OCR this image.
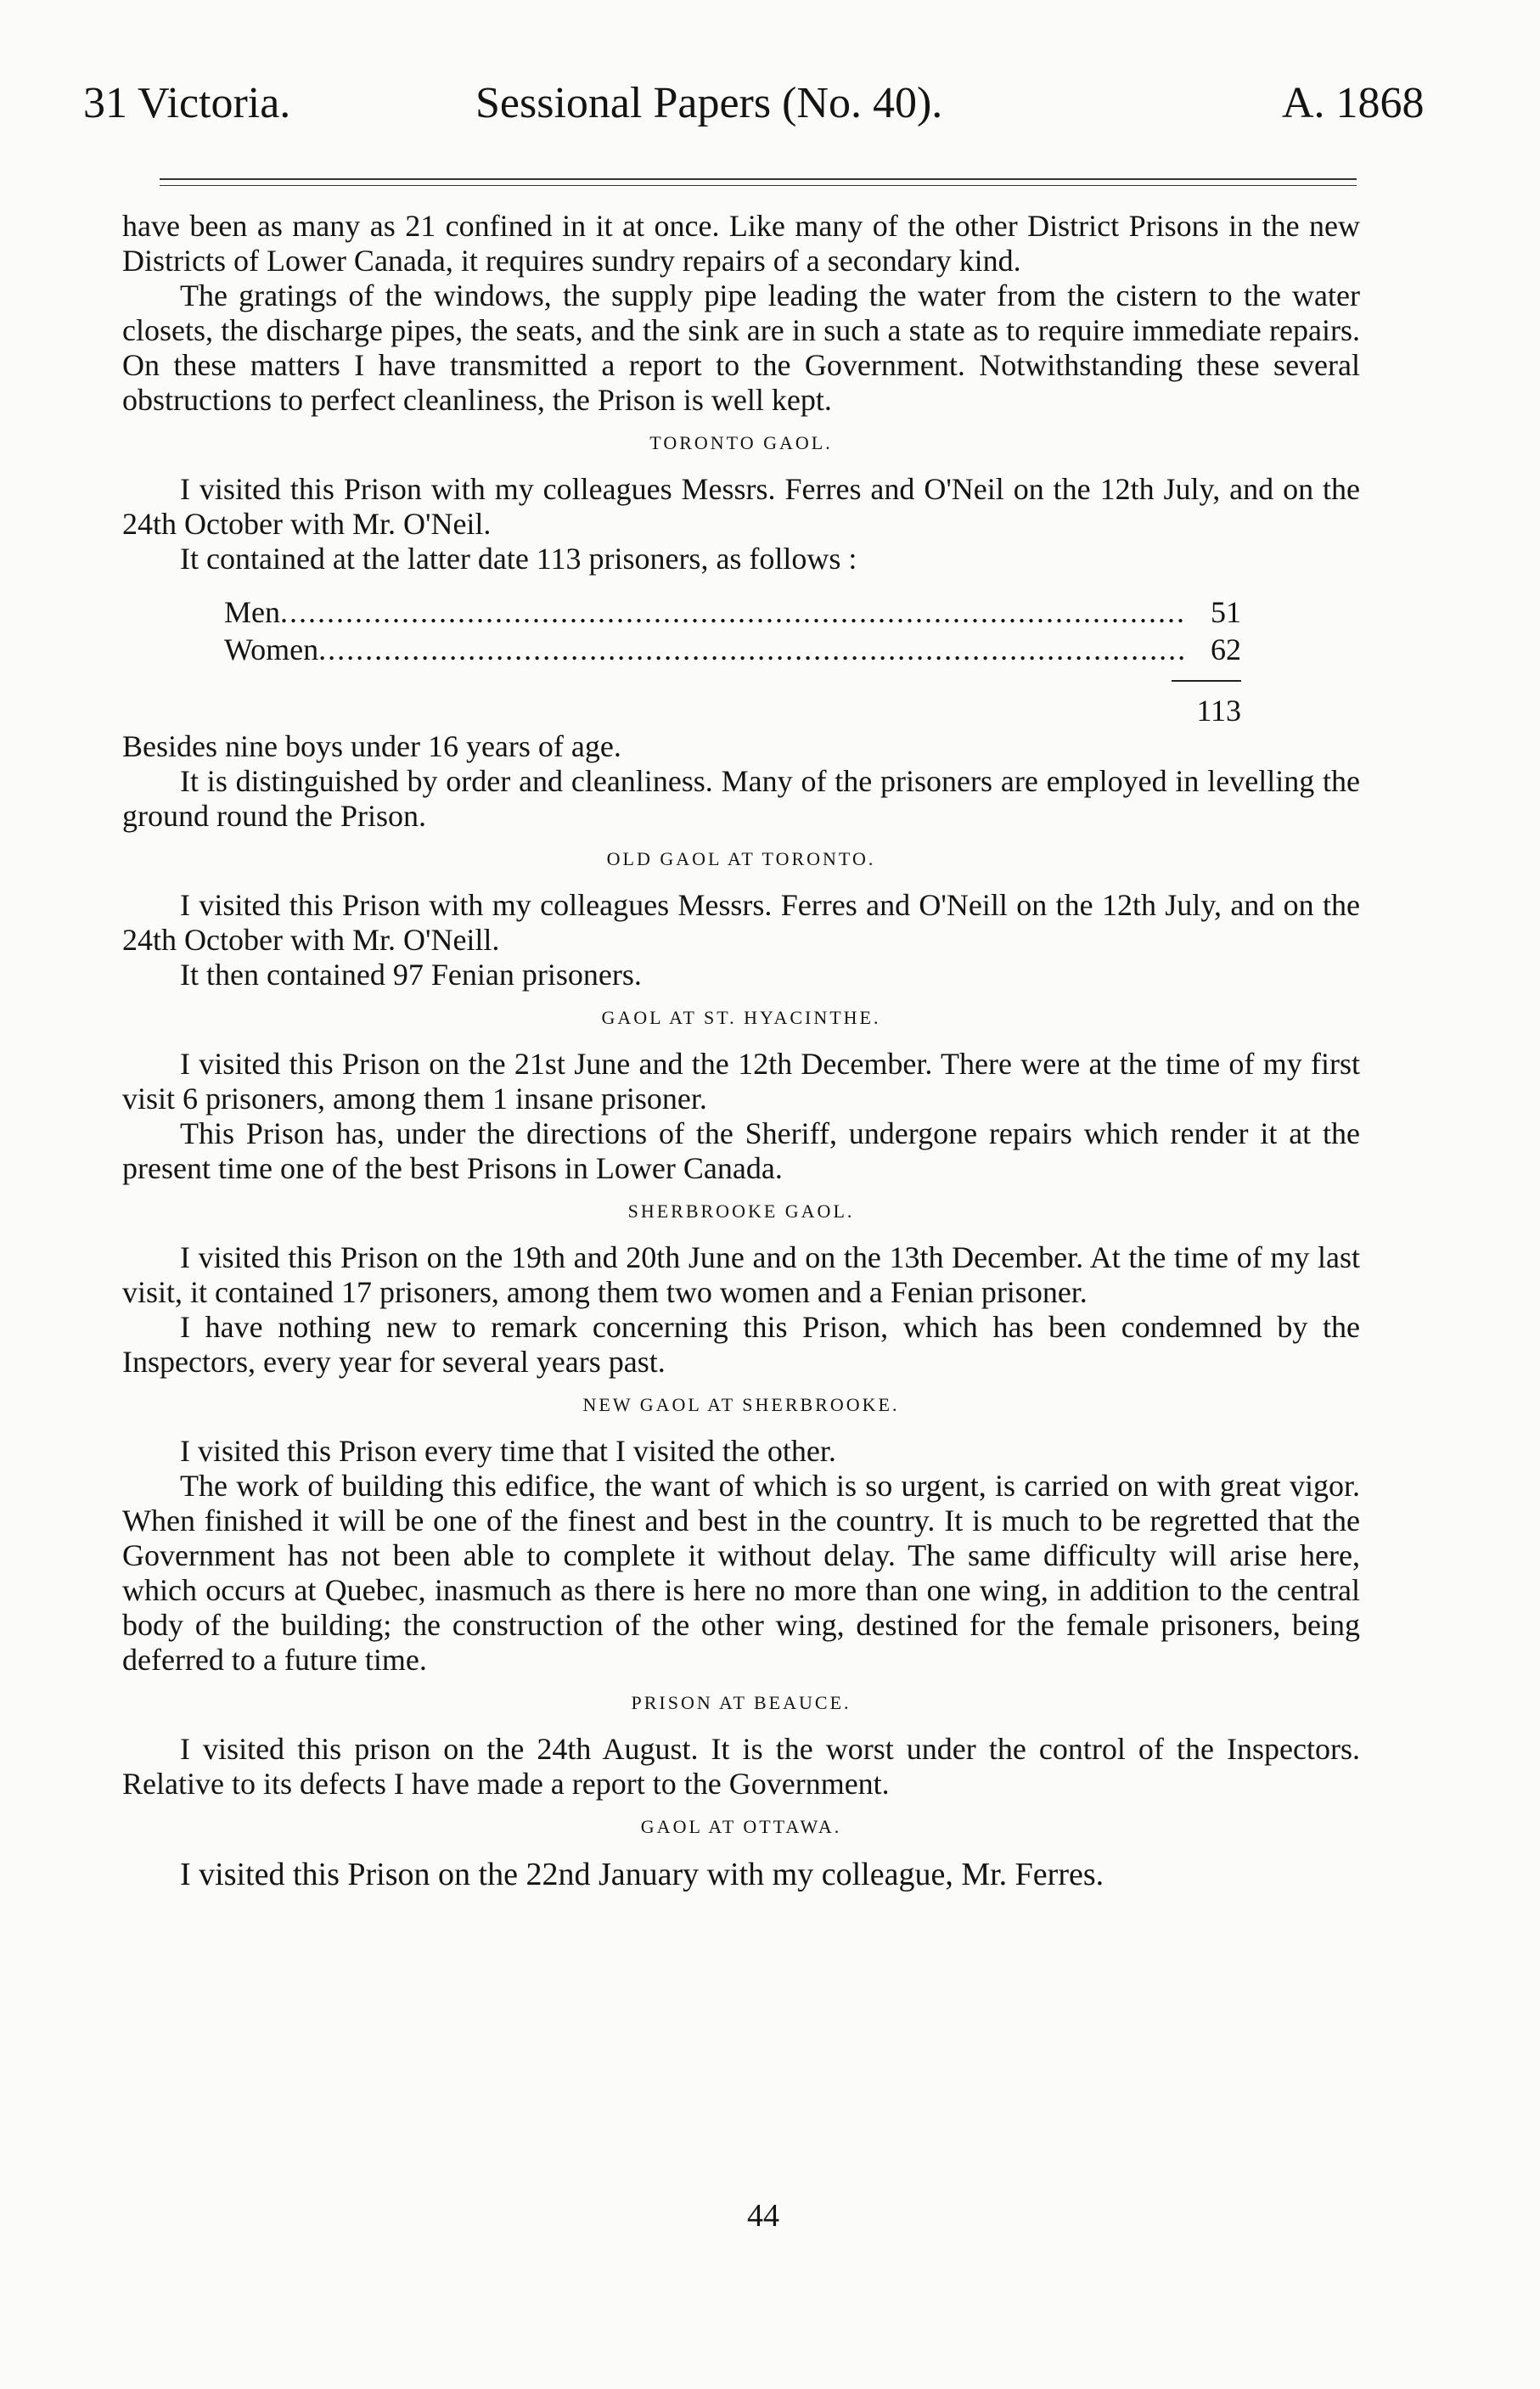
31 Victoria.	Sessional Papers (No. 40).	A. 1868

have been as many as 21 confined in it at once. Like many of the other District Prisons in the new Districts of Lower Canada, it requires sundry repairs of a secondary kind.

The gratings of the windows, the supply pipe leading the water from the cistern to the water closets, the discharge pipes, the seats, and the sink are in such a state as to require immediate repairs. On these matters I have transmitted a report to the Government. Notwithstanding these several obstructions to perfect cleanliness, the Prison is well kept.

TORONTO GAOL.

I visited this Prison with my colleagues Messrs. Ferres and O'Neil on the 12th July, and on the 24th October with Mr. O'Neil.

It contained at the latter date 113 prisoners, as follows :

Men .....	51
Women .....	62
113

Besides nine boys under 16 years of age.

It is distinguished by order and cleanliness. Many of the prisoners are employed in levelling the ground round the Prison.

OLD GAOL AT TORONTO.

I visited this Prison with my colleagues Messrs. Ferres and O'Neill on the 12th July, and on the 24th October with Mr. O'Neill.

It then contained 97 Fenian prisoners.

GAOL AT ST. HYACINTHE.

I visited this Prison on the 21st June and the 12th December. There were at the time of my first visit 6 prisoners, among them 1 insane prisoner.

This Prison has, under the directions of the Sheriff, undergone repairs which render it at the present time one of the best Prisons in Lower Canada.

SHERBROOKE GAOL.

I visited this Prison on the 19th and 20th June and on the 13th December. At the time of my last visit, it contained 17 prisoners, among them two women and a Fenian prisoner.

I have nothing new to remark concerning this Prison, which has been condemned by the Inspectors, every year for several years past.

NEW GAOL AT SHERBROOKE.

I visited this Prison every time that I visited the other.

The work of building this edifice, the want of which is so urgent, is carried on with great vigor. When finished it will be one of the finest and best in the country. It is much to be regretted that the Government has not been able to complete it without delay. The same difficulty will arise here, which occurs at Quebec, inasmuch as there is here no more than one wing, in addition to the central body of the building; the construction of the other wing, destined for the female prisoners, being deferred to a future time.

PRISON AT BEAUCE.

I visited this prison on the 24th August. It is the worst under the control of the Inspectors. Relative to its defects I have made a report to the Government.

GAOL AT OTTAWA.

I visited this Prison on the 22nd January with my colleague, Mr. Ferres.

44
